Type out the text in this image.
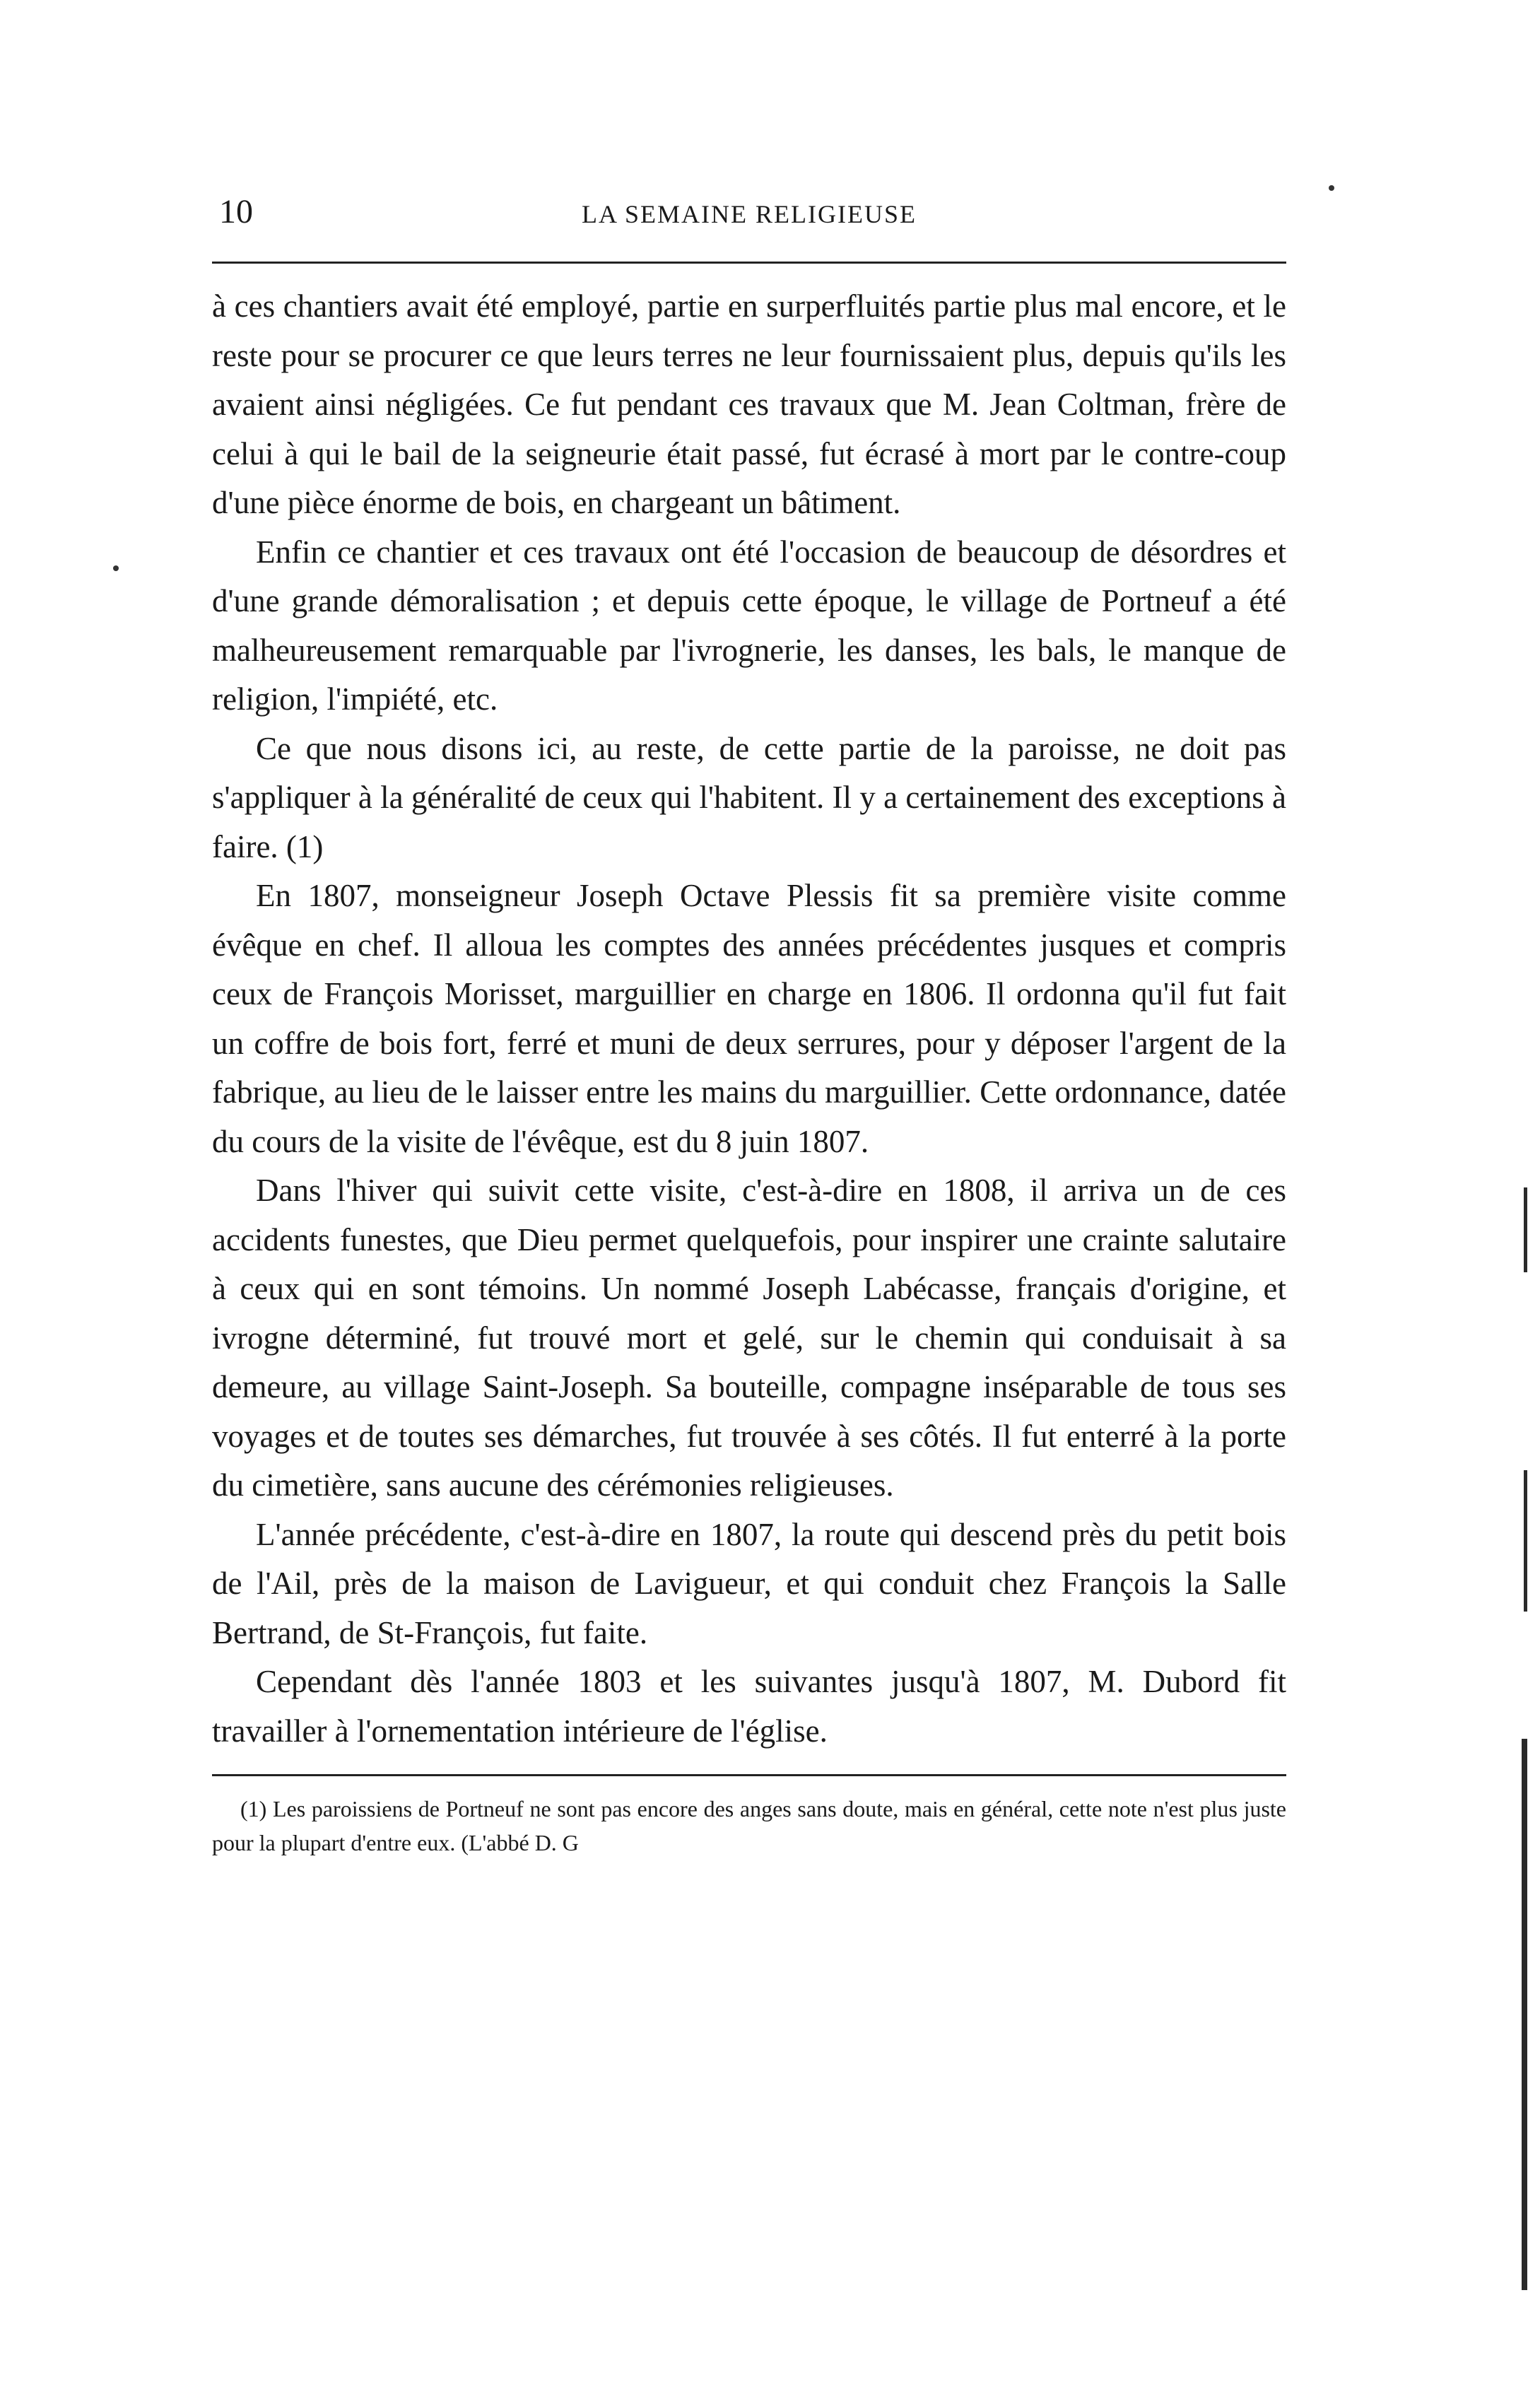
10	LA SEMAINE RELIGIEUSE

à ces chantiers avait été employé, partie en surperfluités partie plus mal encore, et le reste pour se procurer ce que leurs terres ne leur fournissaient plus, depuis qu'ils les avaient ainsi négligées. Ce fut pendant ces travaux que M. Jean Coltman, frère de celui à qui le bail de la seigneurie était passé, fut écrasé à mort par le contre-coup d'une pièce énorme de bois, en chargeant un bâtiment.

Enfin ce chantier et ces travaux ont été l'occasion de beaucoup de désordres et d'une grande démoralisation ; et depuis cette époque, le village de Portneuf a été malheureusement remarquable par l'ivrognerie, les danses, les bals, le manque de religion, l'impiété, etc.

Ce que nous disons ici, au reste, de cette partie de la paroisse, ne doit pas s'appliquer à la généralité de ceux qui l'habitent. Il y a certainement des exceptions à faire. (1)

En 1807, monseigneur Joseph Octave Plessis fit sa première visite comme évêque en chef. Il alloua les comptes des années précédentes jusques et compris ceux de François Morisset, marguillier en charge en 1806. Il ordonna qu'il fut fait un coffre de bois fort, ferré et muni de deux serrures, pour y déposer l'argent de la fabrique, au lieu de le laisser entre les mains du marguillier. Cette ordonnance, datée du cours de la visite de l'évêque, est du 8 juin 1807.

Dans l'hiver qui suivit cette visite, c'est-à-dire en 1808, il arriva un de ces accidents funestes, que Dieu permet quelquefois, pour inspirer une crainte salutaire à ceux qui en sont témoins. Un nommé Joseph Labécasse, français d'origine, et ivrogne déterminé, fut trouvé mort et gelé, sur le chemin qui conduisait à sa demeure, au village Saint-Joseph. Sa bouteille, compagne inséparable de tous ses voyages et de toutes ses démarches, fut trouvée à ses côtés. Il fut enterré à la porte du cimetière, sans aucune des cérémonies religieuses.

L'année précédente, c'est-à-dire en 1807, la route qui descend près du petit bois de l'Ail, près de la maison de Lavigueur, et qui conduit chez François la Salle Bertrand, de St-François, fut faite.

Cependant dès l'année 1803 et les suivantes jusqu'à 1807, M. Dubord fit travailler à l'ornementation intérieure de l'église.

(1) Les paroissiens de Portneuf ne sont pas encore des anges sans doute, mais en général, cette note n'est plus juste pour la plupart d'entre eux. (L'abbé D. G
